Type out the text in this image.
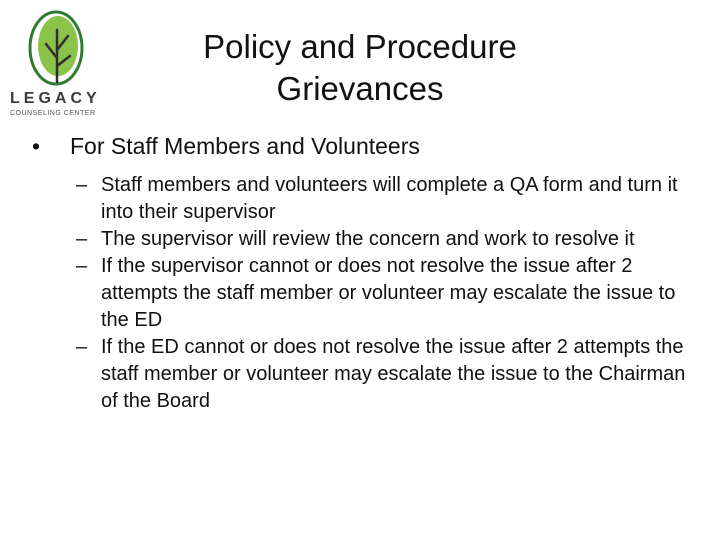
LEGACY
COUNSELING CENTER
Policy and Procedure
Grievances
• For Staff Members and Volunteers
– Staff members and volunteers will complete a QA form and turn it into their supervisor
– The supervisor will review the concern and work to resolve it
– If the supervisor cannot or does not resolve the issue after 2 attempts the staff member or volunteer may escalate the issue to the ED
– If the ED cannot or does not resolve the issue after 2 attempts the staff member or volunteer may escalate the issue to the Chairman of the Board
